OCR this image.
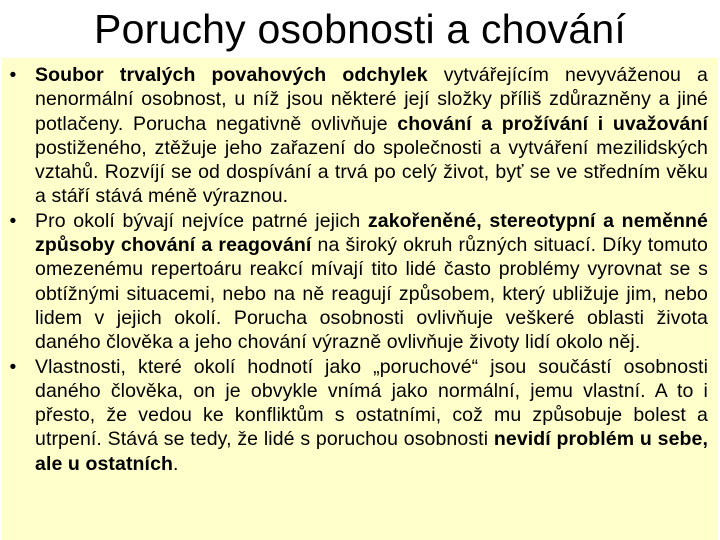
Poruchy osobnosti a chování
• Soubor trvalých povahových odchylek vytvářejícím nevyváženou a nenormální osobnost, u níž jsou některé její složky příliš zdůrazněny a jiné potlačeny. Porucha negativně ovlivňuje chování a prožívání i uvažování postiženého, ztěžuje jeho zařazení do společnosti a vytváření mezilidských vztahů. Rozvíjí se od dospívání a trvá po celý život, byť se ve středním věku a stáří stává méně výraznou.
• Pro okolí bývají nejvíce patrné jejich zakořeněné, stereotypní a neměnné způsoby chování a reagování na široký okruh různých situací. Díky tomuto omezenému repertoáru reakcí mívají tito lidé často problémy vyrovnat se s obtížnými situacemi, nebo na ně reagují způsobem, který ubližuje jim, nebo lidem v jejich okolí. Porucha osobnosti ovlivňuje veškeré oblasti života daného člověka a jeho chování výrazně ovlivňuje životy lidí okolo něj.
• Vlastnosti, které okolí hodnotí jako „poruchové“ jsou součástí osobnosti daného člověka, on je obvykle vnímá jako normální, jemu vlastní. A to i přesto, že vedou ke konfliktům s ostatními, což mu způsobuje bolest a utrpení. Stává se tedy, že lidé s poruchou osobnosti nevidí problém u sebe, ale u ostatních.
